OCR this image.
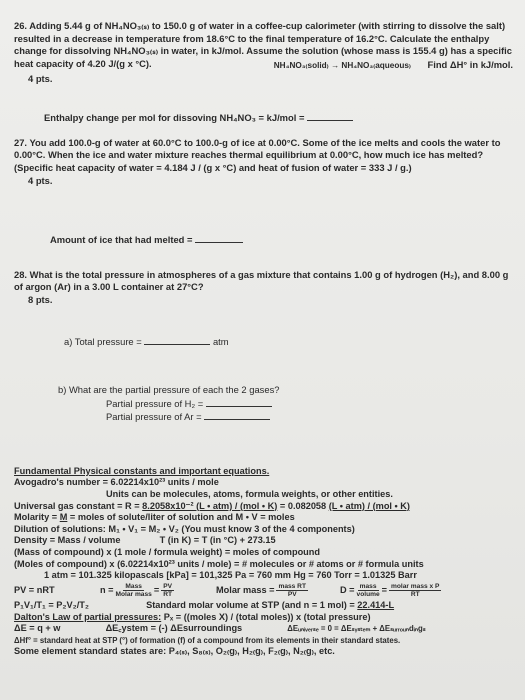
26. Adding 5.44 g of NH₄NO₃₍ₛ₎ to 150.0 g of water in a coffee-cup calorimeter (with stirring to dissolve the salt) resulted in a decrease in temperature from 18.6°C to the final temperature of 16.2°C. Calculate the enthalpy change for dissolving NH₄NO₃₍ₛ₎ in water, in kJ/mol. Assume the solution (whose mass is 155.4 g) has a specific heat capacity of 4.20 J/(g x °C).	NH₄NO₃₍solid₎ → NH₄NO₃₍aqueous₎ Find ΔH° in kJ/mol.

4 pts.

Enthalpy change per mol for dissoving NH₄NO₃ = kJ/mol =

27. You add 100.0-g of water at 60.0°C to 100.0-g of ice at 0.00°C. Some of the ice melts and cools the water to 0.00°C. When the ice and water mixture reaches thermal equilibrium at 0.00°C, how much ice has melted? (Specific heat capacity of water = 4.184 J / (g x °C) and heat of fusion of water = 333 J / g.)

4 pts.

Amount of ice that had melted =

28. What is the total pressure in atmospheres of a gas mixture that contains 1.00 g of hydrogen (H₂), and 8.00 g of argon (Ar) in a 3.00 L container at 27°C?

8 pts.

a) Total pressure =	atm

b) What are the partial pressure of each the 2 gases?

Partial pressure of H₂ =

Partial pressure of Ar =

Fundamental Physical constants and important equations.

Avogadro's number = 6.02214x10²³ units / mole

Units can be molecules, atoms, formula weights, or other entities.

Universal gas constant = R = 8.2058x10⁻² (L • atm) / (mol • K) = 0.082058 (L • atm) / (mol • K)

Molarity = M = moles of solute/liter of solution and M • V = moles

Dilution of solutions: M₁ • V₁ = M₂ • V₂ (You must know 3 of the 4 components)

Density = Mass / volume	T (in K) = T (in °C) + 273.15

(Mass of compound) x (1 mole / formula weight) = moles of compound

(Moles of compound) x (6.02214x10²³ units / mole) = # molecules or # atoms or # formula units

1 atm = 101.325 kilopascals [kPa] = 101,325 Pa = 760 mm Hg = 760 Torr = 1.01325 Barr

PV = nRT	$n = \frac{\text{Mass}}{\text{Molar mass}} = \frac{PV}{RT}$	Molar mass = $\frac{\text{mass RT}}{PV}$	$D = \frac{\text{mass}}{\text{volume}} = \frac{\text{molar mass x P}}{RT}$

P₁V₁/T₁ = P₂V₂/T₂	Standard molar volume at STP (and n = 1 mol) = 22.414-L

Dalton's Law of partial pressures: Pₓ = ((moles X) / (total moles)) x (total pressure)

ΔE = q + w	ΔE꜀ystem = (-) ΔEsurroundings	ΔEᵤₙᵢᵥₑᵣₛₑ = 0 = ΔEₛᵧₛₜₑₘ + ΔEₛᵤᵣᵣₒᵤₙdᵢₙgₛ

ΔHf° = standard heat at STP (°) of formation (f) of a compound from its elements in their standard states.

Some element standard states are: P₄₍ₛ₎, S₈₍ₛ₎, O₂₍g₎, H₂₍g₎, F₂₍g₎, N₂₍g₎, etc.
